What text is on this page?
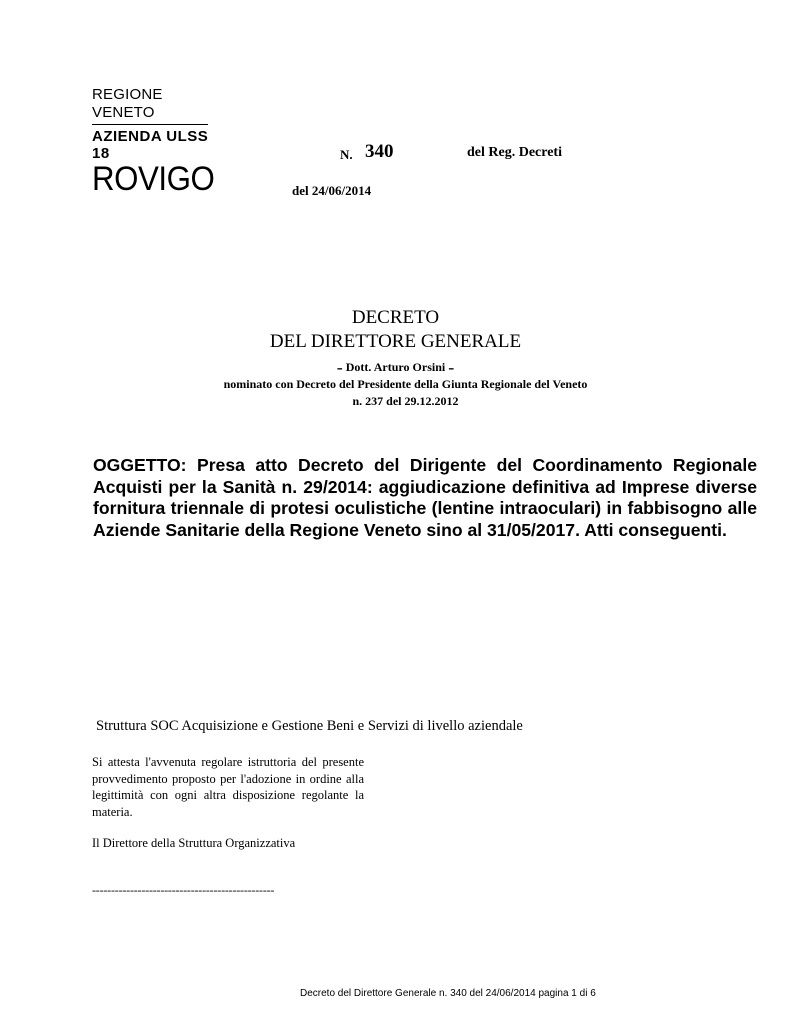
REGIONE VENETO
AZIENDA ULSS 18
ROVIGO
N. 340	del Reg. Decreti
del 24/06/2014
DECRETO
DEL DIRETTORE GENERALE
- Dott. Arturo Orsini -
nominato con Decreto del Presidente della Giunta Regionale del Veneto
n. 237 del 29.12.2012
OGGETTO: Presa atto Decreto del Dirigente del Coordinamento Regionale Acquisti per la Sanità n. 29/2014: aggiudicazione definitiva ad Imprese diverse fornitura triennale di protesi oculistiche (lentine intraoculari) in fabbisogno alle Aziende Sanitarie della Regione Veneto sino al 31/05/2017. Atti conseguenti.
Struttura SOC Acquisizione e Gestione Beni e Servizi di livello aziendale
Si attesta l'avvenuta regolare istruttoria del presente provvedimento proposto per l'adozione in ordine alla legittimità con ogni altra disposizione regolante la materia.
Il Direttore della Struttura Organizzativa
------------------------------------------------
Decreto del Direttore Generale n. 340 del 24/06/2014 pagina 1 di 6
